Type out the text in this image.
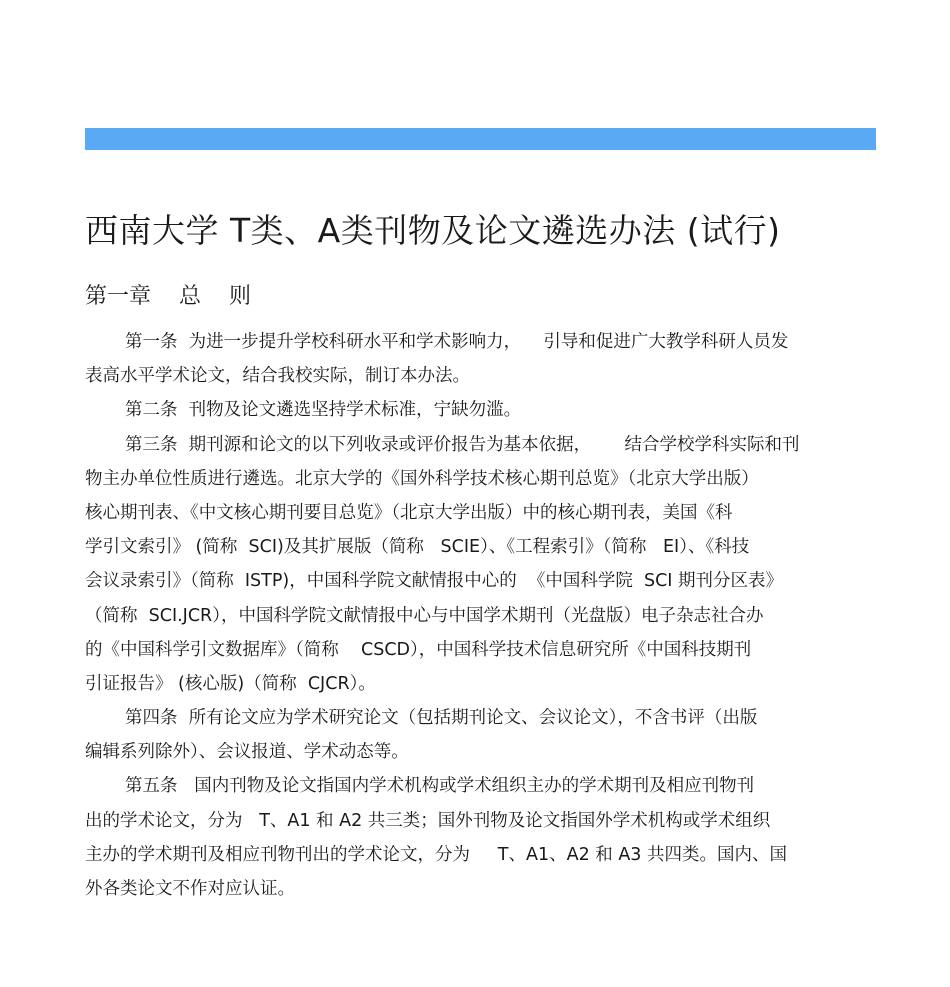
西南大学 T类、A类刊物及论文遴选办法 (试行)
第一章    总    则
第一条  为进一步提升学校科研水平和学术影响力，    引导和促进广大教学科研人员发
表高水平学术论文，结合我校实际，制订本办法。
第二条  刊物及论文遴选坚持学术标准，宁缺勿滥。
第三条  期刊源和论文的以下列收录或评价报告为基本依据，      结合学校学科实际和刊
物主办单位性质进行遴选。北京大学的《国外科学技术核心期刊总览》（北京大学出版）
核心期刊表、《中文核心期刊要目总览》（北京大学出版）中的核心期刊表，美国《科
学引文索引》 (简称  SCI)及其扩展版（简称   SCIE）、《工程索引》（简称   EI）、《科技
会议录索引》（简称  ISTP)，中国科学院文献情报中心的  《中国科学院  SCI 期刊分区表》
（简称  SCI.JCR），中国科学院文献情报中心与中国学术期刊（光盘版）电子杂志社合办
的《中国科学引文数据库》（简称    CSCD），中国科学技术信息研究所《中国科技期刊
引证报告》 (核心版)（简称  CJCR）。
第四条  所有论文应为学术研究论文（包括期刊论文、会议论文），不含书评（出版
编辑系列除外）、会议报道、学术动态等。
第五条   国内刊物及论文指国内学术机构或学术组织主办的学术期刊及相应刊物刊
出的学术论文，分为   T、A1 和 A2 共三类；国外刊物及论文指国外学术机构或学术组织
主办的学术期刊及相应刊物刊出的学术论文，分为     T、A1、A2 和 A3 共四类。国内、国
外各类论文不作对应认证。
